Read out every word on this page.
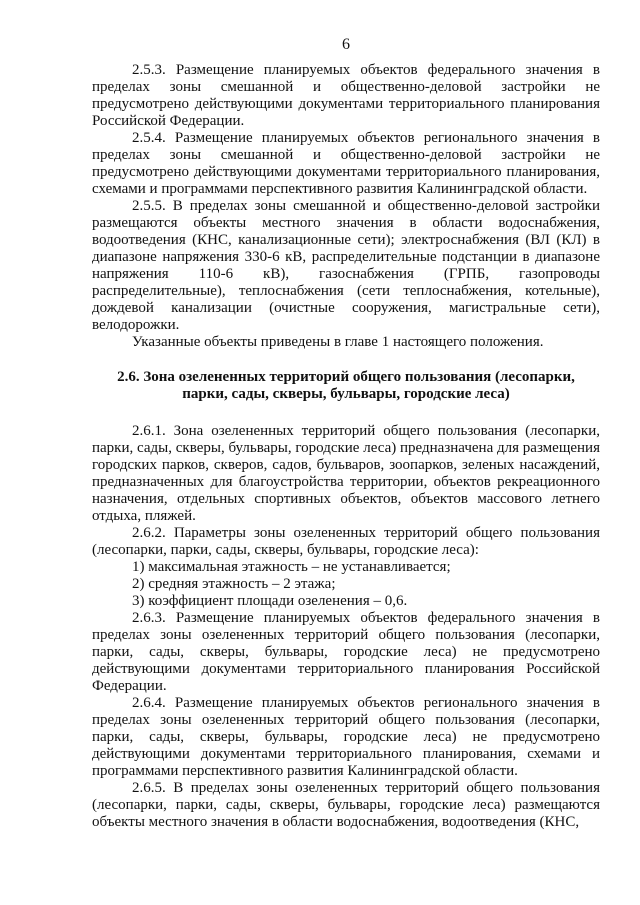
6

2.5.3. Размещение планируемых объектов федерального значения в пределах зоны смешанной и общественно-деловой застройки не предусмотрено действующими документами территориального планирования Российской Федерации.

2.5.4. Размещение планируемых объектов регионального значения в пределах зоны смешанной и общественно-деловой застройки не предусмотрено действующими документами территориального планирования, схемами и программами перспективного развития Калининградской области.

2.5.5. В пределах зоны смешанной и общественно-деловой застройки размещаются объекты местного значения в области водоснабжения, водоотведения (КНС, канализационные сети); электроснабжения (ВЛ (КЛ) в диапазоне напряжения 330-6 кВ, распределительные подстанции в диапазоне напряжения 110-6 кВ), газоснабжения (ГРПБ, газопроводы распределительные), теплоснабжения (сети теплоснабжения, котельные), дождевой канализации (очистные сооружения, магистральные сети), велодорожки.

Указанные объекты приведены в главе 1 настоящего положения.

2.6. Зона озелененных территорий общего пользования (лесопарки, парки, сады, скверы, бульвары, городские леса)

2.6.1. Зона озелененных территорий общего пользования (лесопарки, парки, сады, скверы, бульвары, городские леса) предназначена для размещения городских парков, скверов, садов, бульваров, зоопарков, зеленых насаждений, предназначенных для благоустройства территории, объектов рекреационного назначения, отдельных спортивных объектов, объектов массового летнего отдыха, пляжей.

2.6.2. Параметры зоны озелененных территорий общего пользования (лесопарки, парки, сады, скверы, бульвары, городские леса):

1) максимальная этажность – не устанавливается;

2) средняя этажность – 2 этажа;

3) коэффициент площади озеленения – 0,6.

2.6.3. Размещение планируемых объектов федерального значения в пределах зоны озелененных территорий общего пользования (лесопарки, парки, сады, скверы, бульвары, городские леса) не предусмотрено действующими документами территориального планирования Российской Федерации.

2.6.4. Размещение планируемых объектов регионального значения в пределах зоны озелененных территорий общего пользования (лесопарки, парки, сады, скверы, бульвары, городские леса) не предусмотрено действующими документами территориального планирования, схемами и программами перспективного развития Калининградской области.

2.6.5. В пределах зоны озелененных территорий общего пользования (лесопарки, парки, сады, скверы, бульвары, городские леса) размещаются объекты местного значения в области водоснабжения, водоотведения (КНС,
